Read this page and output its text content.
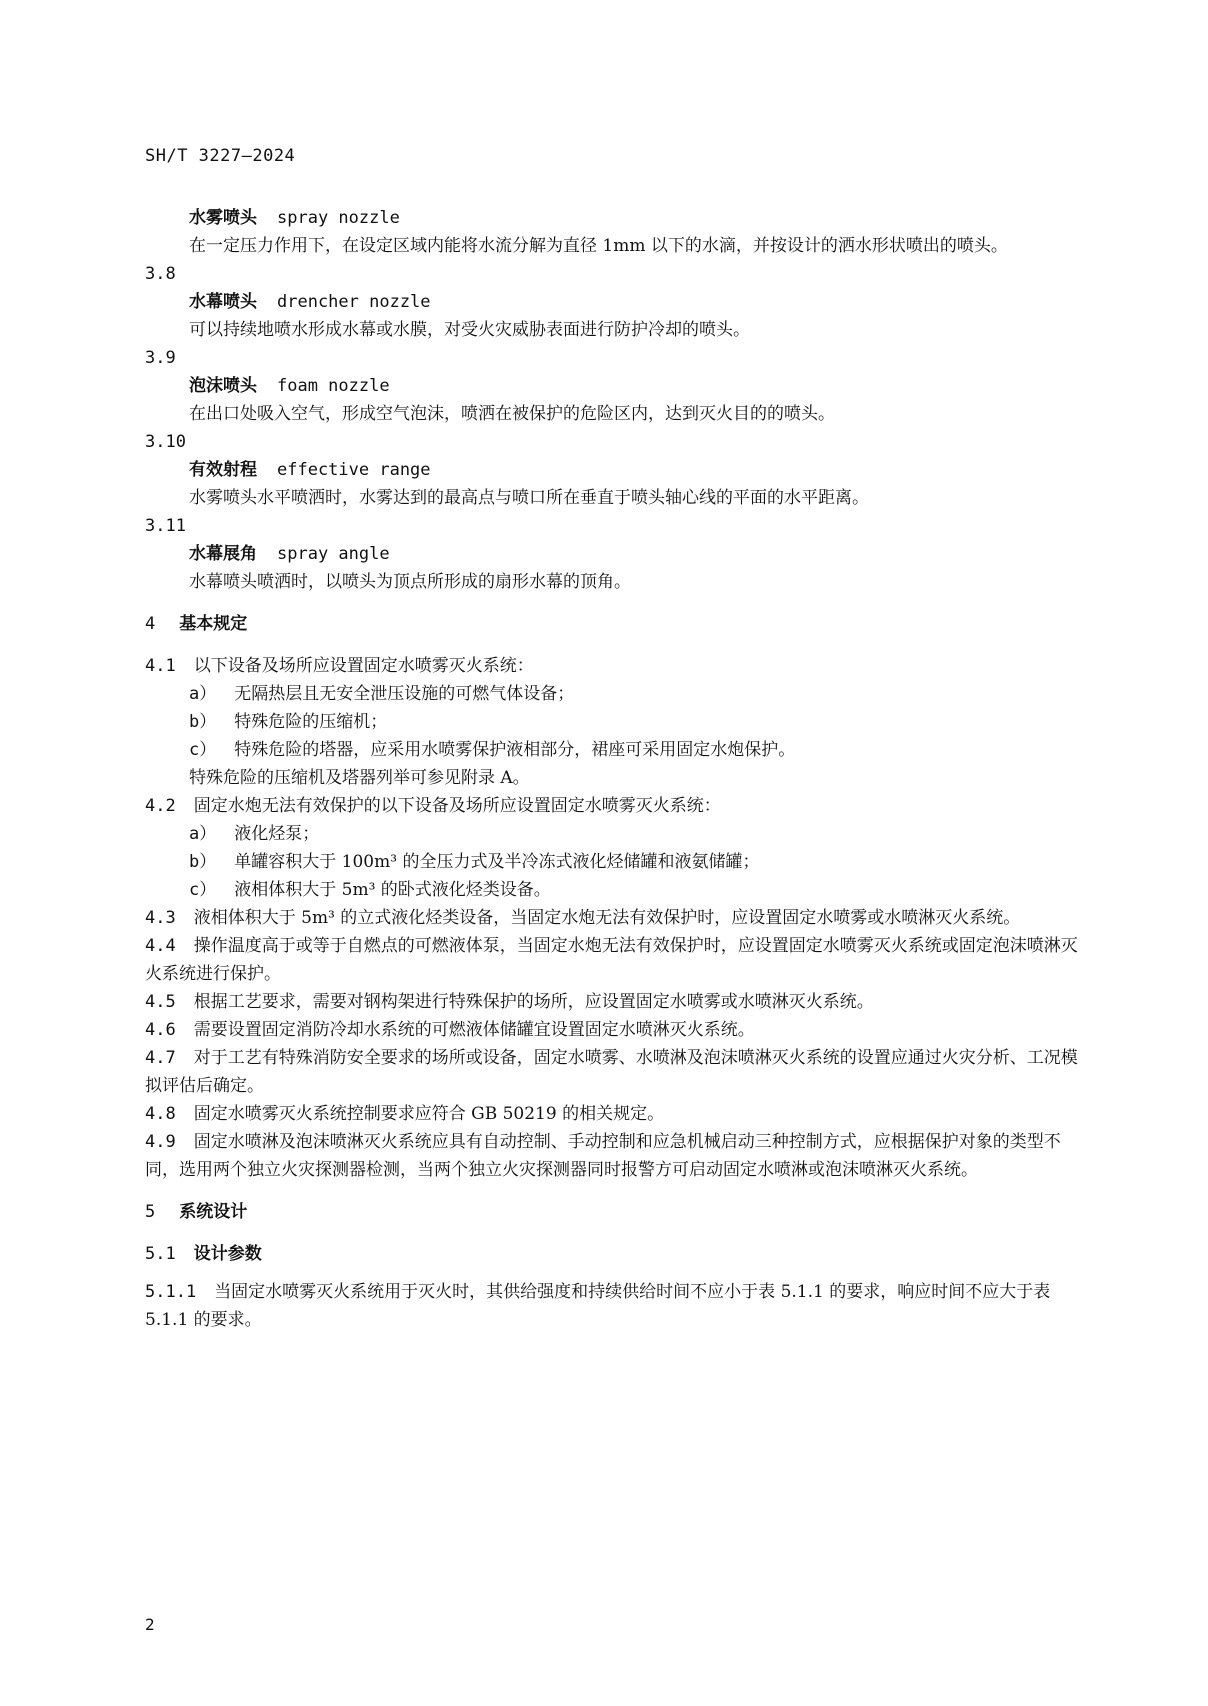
SH/T 3227—2024
水雾喷头 spray nozzle
在一定压力作用下，在设定区域内能将水流分解为直径 1mm 以下的水滴，并按设计的洒水形状喷出的喷头。
3.8
水幕喷头 drencher nozzle
可以持续地喷水形成水幕或水膜，对受火灾威胁表面进行防护冷却的喷头。
3.9
泡沫喷头 foam nozzle
在出口处吸入空气，形成空气泡沫，喷洒在被保护的危险区内，达到灭火目的的喷头。
3.10
有效射程 effective range
水雾喷头水平喷洒时，水雾达到的最高点与喷口所在垂直于喷头轴心线的平面的水平距离。
3.11
水幕展角 spray angle
水幕喷头喷洒时，以喷头为顶点所形成的扇形水幕的顶角。
4 基本规定
4.1 以下设备及场所应设置固定水喷雾灭火系统：
a） 无隔热层且无安全泄压设施的可燃气体设备；
b） 特殊危险的压缩机；
c） 特殊危险的塔器，应采用水喷雾保护液相部分，裙座可采用固定水炮保护。
特殊危险的压缩机及塔器列举可参见附录 A。
4.2 固定水炮无法有效保护的以下设备及场所应设置固定水喷雾灭火系统：
a） 液化烃泵；
b） 单罐容积大于 100m³ 的全压力式及半冷冻式液化烃储罐和液氨储罐；
c） 液相体积大于 5m³ 的卧式液化烃类设备。
4.3 液相体积大于 5m³ 的立式液化烃类设备，当固定水炮无法有效保护时，应设置固定水喷雾或水喷淋灭火系统。
4.4 操作温度高于或等于自燃点的可燃液体泵，当固定水炮无法有效保护时，应设置固定水喷雾灭火系统或固定泡沫喷淋灭火系统进行保护。
4.5 根据工艺要求，需要对钢构架进行特殊保护的场所，应设置固定水喷雾或水喷淋灭火系统。
4.6 需要设置固定消防冷却水系统的可燃液体储罐宜设置固定水喷淋灭火系统。
4.7 对于工艺有特殊消防安全要求的场所或设备，固定水喷雾、水喷淋及泡沫喷淋灭火系统的设置应通过火灾分析、工况模拟评估后确定。
4.8 固定水喷雾灭火系统控制要求应符合 GB 50219 的相关规定。
4.9 固定水喷淋及泡沫喷淋灭火系统应具有自动控制、手动控制和应急机械启动三种控制方式，应根据保护对象的类型不同，选用两个独立火灾探测器检测，当两个独立火灾探测器同时报警方可启动固定水喷淋或泡沫喷淋灭火系统。
5 系统设计
5.1 设计参数
5.1.1 当固定水喷雾灭火系统用于灭火时，其供给强度和持续供给时间不应小于表 5.1.1 的要求，响应时间不应大于表 5.1.1 的要求。
2
